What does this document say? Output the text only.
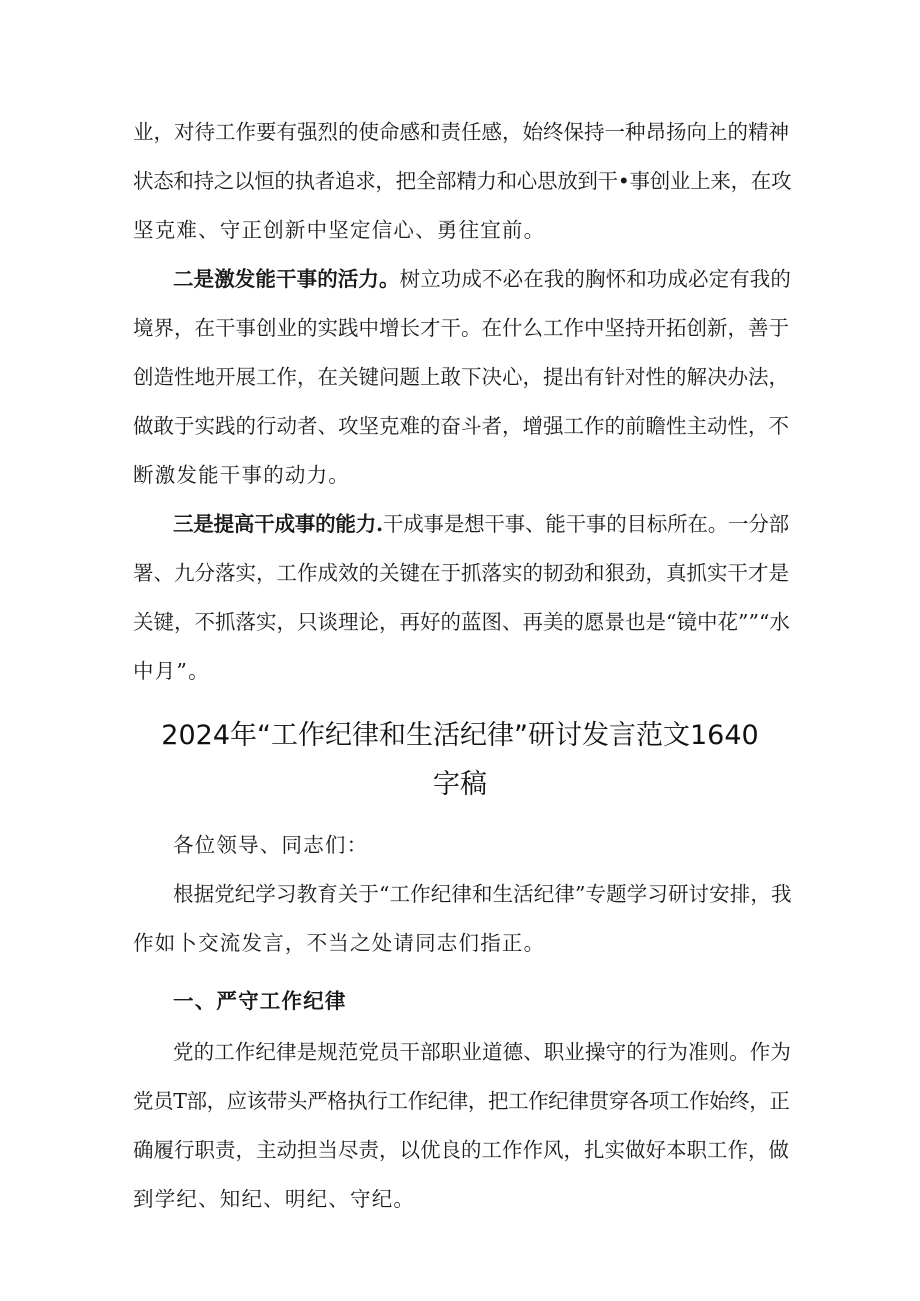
业，对待工作要有强烈的使命感和责任感，始终保持一种昂扬向上的精神
状态和持之以恒的执者追求，把全部精力和心思放到干•事创业上来，在攻
坚克难、守正创新中坚定信心、勇往宜前。
二是激发能干事的活力。树立功成不必在我的胸怀和功成必定有我的
境界，在干事创业的实践中增长才干。在什么工作中坚持开拓创新，善于
创造性地开展工作，在关键问题上敢下决心，提出有针对性的解决办法，
做敢于实践的行动者、攻坚克难的奋斗者，增强工作的前瞻性主动性，不
断激发能干事的动力。
三是提高干成事的能力.干成事是想干事、能干事的目标所在。一分部
署、九分落实，工作成效的关键在于抓落实的韧劲和狠劲，真抓实干才是
关键，不抓落实，只谈理论，再好的蓝图、再美的愿景也是“镜中花””“水
中月”。
2024年“工作纪律和生活纪律”研讨发言范文1640
字稿
各位领导、同志们：
根据党纪学习教育关于“工作纪律和生活纪律”专题学习研讨安排，我
作如卜交流发言，不当之处请同志们指正。
一、严守工作纪律
党的工作纪律是规范党员干部职业道德、职业操守的行为准则。作为
党员T部，应该带头严格执行工作纪律，把工作纪律贯穿各项工作始终，正
确履行职责，主动担当尽责，以优良的工作作风，扎实做好本职工作，做
到学纪、知纪、明纪、守纪。
